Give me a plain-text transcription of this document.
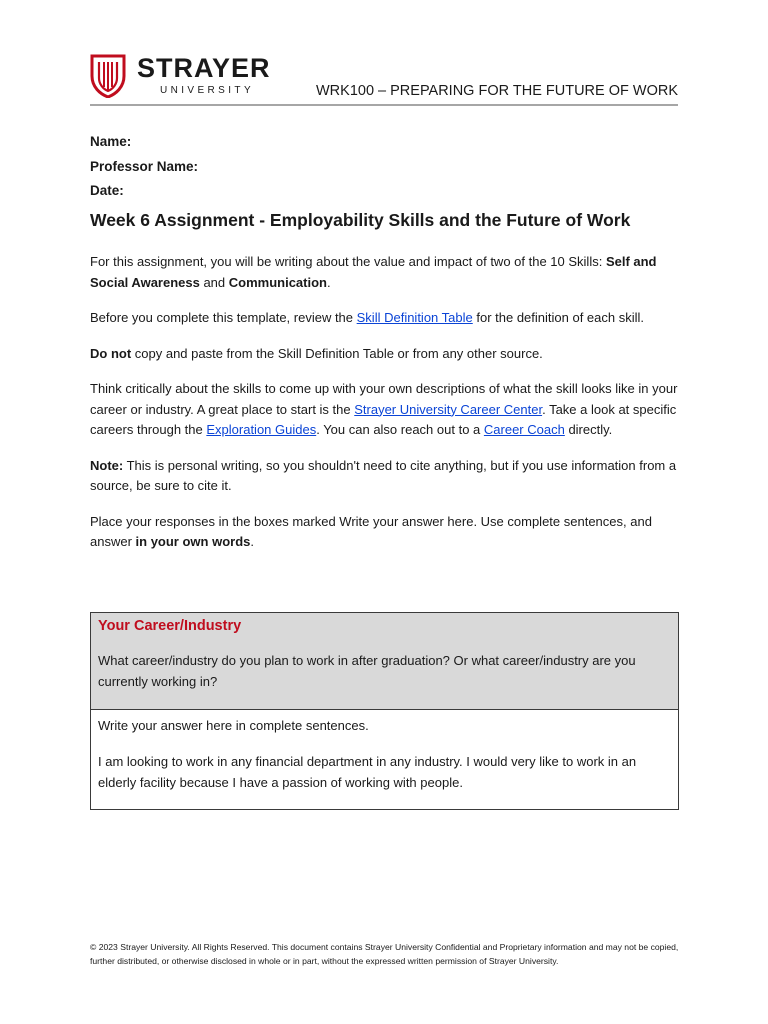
STRAYER
UNIVERSITY	WRK100 – PREPARING FOR THE FUTURE OF WORK
Name:
Professor Name:
Date:
Week 6 Assignment - Employability Skills and the Future of Work

For this assignment, you will be writing about the value and impact of two of the 10 Skills: Self and Social Awareness and Communication.

Before you complete this template, review the Skill Definition Table for the definition of each skill.

Do not copy and paste from the Skill Definition Table or from any other source.

Think critically about the skills to come up with your own descriptions of what the skill looks like in your career or industry. A great place to start is the Strayer University Career Center. Take a look at specific careers through the Exploration Guides. You can also reach out to a Career Coach directly.

Note: This is personal writing, so you shouldn't need to cite anything, but if you use information from a source, be sure to cite it.

Place your responses in the boxes marked Write your answer here. Use complete sentences, and answer in your own words.

Your Career/Industry
What career/industry do you plan to work in after graduation? Or what career/industry are you currently working in?
Write your answer here in complete sentences.
I am looking to work in any financial department in any industry. I would very like to work in an elderly facility because I have a passion of working with people.
© 2023 Strayer University. All Rights Reserved. This document contains Strayer University Confidential and Proprietary information and may not be copied, further distributed, or otherwise disclosed in whole or in part, without the expressed written permission of Strayer University.
